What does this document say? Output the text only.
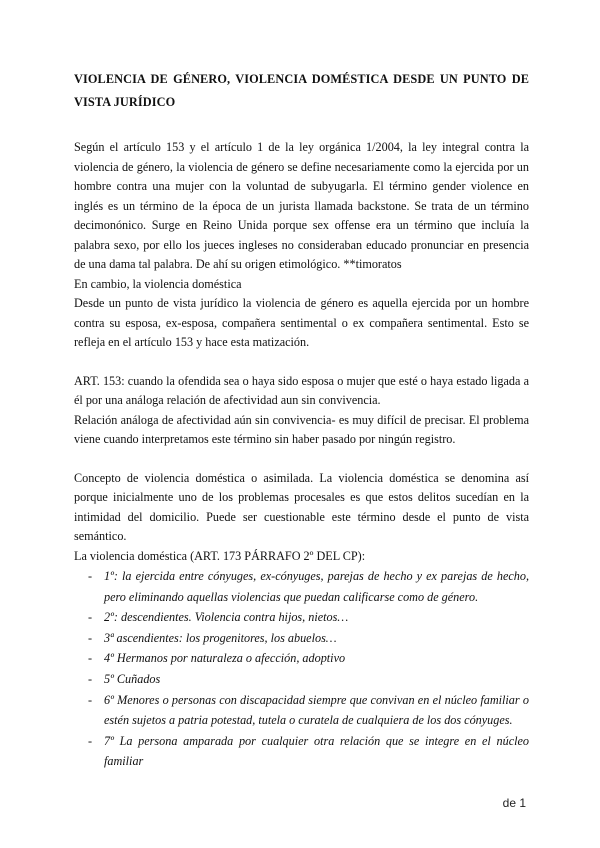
VIOLENCIA DE GÉNERO, VIOLENCIA DOMÉSTICA DESDE UN PUNTO DE VISTA JURÍDICO

Según el artículo 153 y el artículo 1 de la ley orgánica 1/2004, la ley integral contra la violencia de género, la violencia de género se define necesariamente como la ejercida por un hombre contra una mujer con la voluntad de subyugarla. El término gender violence en inglés es un término de la época de un jurista llamada backstone. Se trata de un término decimonónico. Surge en Reino Unida porque sex offense era un término que incluía la palabra sexo, por ello los jueces ingleses no consideraban educado pronunciar en presencia de una dama tal palabra. De ahí su origen etimológico. **timoratos

En cambio, la violencia doméstica

Desde un punto de vista jurídico la violencia de género es aquella ejercida por un hombre contra su esposa, ex-esposa, compañera sentimental o ex compañera sentimental. Esto se refleja en el artículo 153 y hace esta matización.

ART. 153: cuando la ofendida sea o haya sido esposa o mujer que esté o haya estado ligada a él por una análoga relación de afectividad aun sin convivencia.

Relación análoga de afectividad aún sin convivencia- es muy difícil de precisar. El problema viene cuando interpretamos este término sin haber pasado por ningún registro.

Concepto de violencia doméstica o asimilada. La violencia doméstica se denomina así porque inicialmente uno de los problemas procesales es que estos delitos sucedían en la intimidad del domicilio. Puede ser cuestionable este término desde el punto de vista semántico.

La violencia doméstica (ART. 173 PÁRRAFO 2º DEL CP):

- 1º: la ejercida entre cónyuges, ex-cónyuges, parejas de hecho y ex parejas de hecho, pero eliminando aquellas violencias que puedan calificarse como de género.
- 2º: descendientes. Violencia contra hijos, nietos…
- 3ª ascendientes: los progenitores, los abuelos…
- 4º Hermanos por naturaleza o afección, adoptivo
- 5º Cuñados
- 6º Menores o personas con discapacidad siempre que convivan en el núcleo familiar o estén sujetos a patria potestad, tutela o curatela de cualquiera de los dos cónyuges.
- 7º La persona amparada por cualquier otra relación que se integre en el núcleo familiar
de 1
